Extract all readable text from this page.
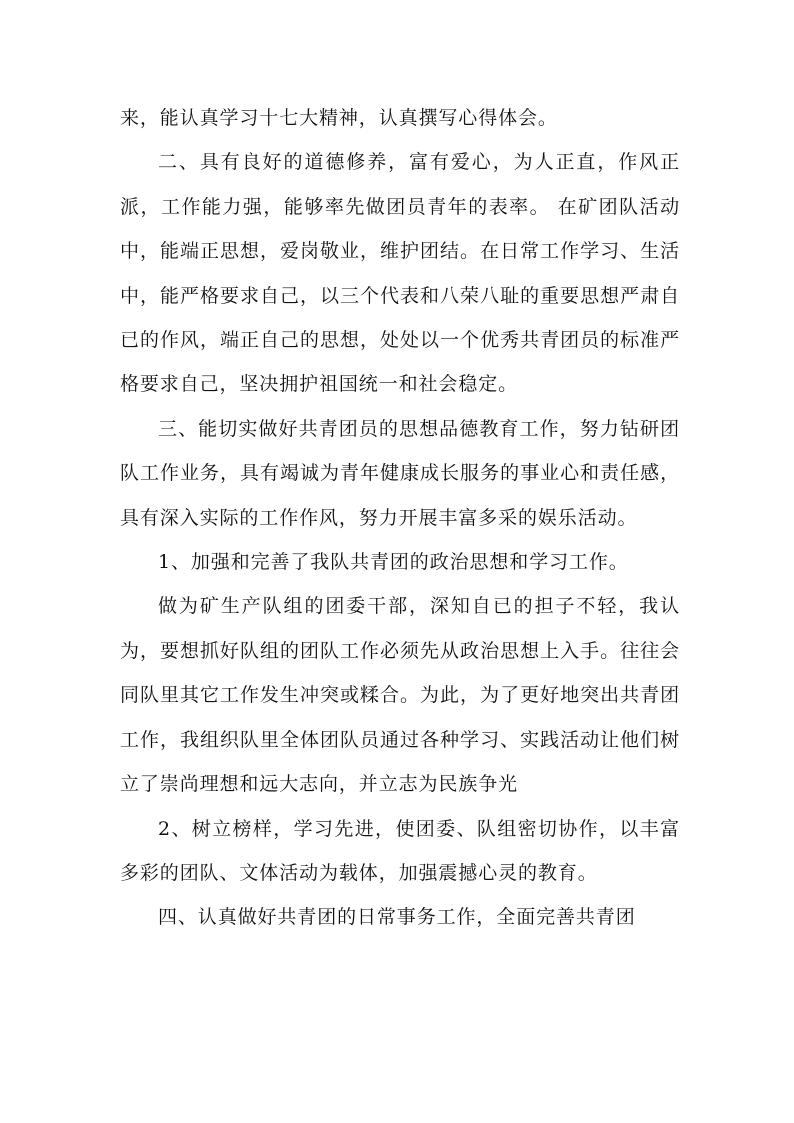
来，能认真学习十七大精神，认真撰写心得体会。

二、具有良好的道德修养，富有爱心，为人正直，作风正派，工作能力强，能够率先做团员青年的表率。 在矿团队活动中，能端正思想，爱岗敬业，维护团结。在日常工作学习、生活中，能严格要求自己，以三个代表和八荣八耻的重要思想严肃自已的作风，端正自己的思想，处处以一个优秀共青团员的标准严格要求自己，坚决拥护祖国统一和社会稳定。

三、能切实做好共青团员的思想品德教育工作，努力钻研团队工作业务，具有竭诚为青年健康成长服务的事业心和责任感，具有深入实际的工作作风，努力开展丰富多采的娱乐活动。

1、加强和完善了我队共青团的政治思想和学习工作。

做为矿生产队组的团委干部，深知自已的担子不轻，我认为，要想抓好队组的团队工作必须先从政治思想上入手。往往会同队里其它工作发生冲突或糅合。为此，为了更好地突出共青团工作，我组织队里全体团队员通过各种学习、实践活动让他们树立了崇尚理想和远大志向，并立志为民族争光

2、树立榜样，学习先进，使团委、队组密切协作，以丰富多彩的团队、文体活动为载体，加强震撼心灵的教育。

四、认真做好共青团的日常事务工作，全面完善共青团
